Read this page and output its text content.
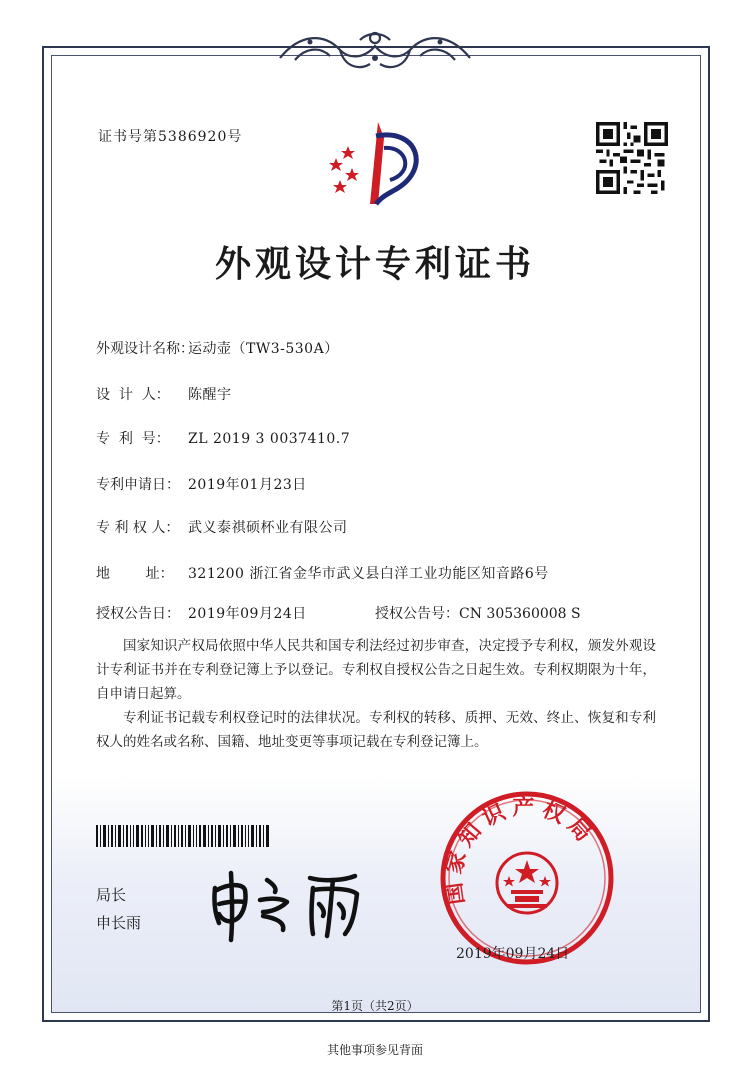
证书号第5386920号
外观设计专利证书
外观设计名称：运动壶（TW3-530A）
设  计  人： 陈醒宇
专  利  号： ZL 2019 3 0037410.7
专利申请日： 2019年01月23日
专 利 权 人： 武义泰祺硕杯业有限公司
地        址： 321200 浙江省金华市武义县白洋工业功能区知音路6号
授权公告日： 2019年09月24日	授权公告号：CN 305360008 S
国家知识产权局依照中华人民共和国专利法经过初步审查，决定授予专利权，颁发外观设计专利证书并在专利登记簿上予以登记。专利权自授权公告之日起生效。专利权期限为十年，自申请日起算。
专利证书记载专利权登记时的法律状况。专利权的转移、质押、无效、终止、恢复和专利权人的姓名或名称、国籍、地址变更等事项记载在专利登记簿上。
局长
申长雨
国家知识产权局
2019年09月24日
第1页（共2页）
其他事项参见背面
